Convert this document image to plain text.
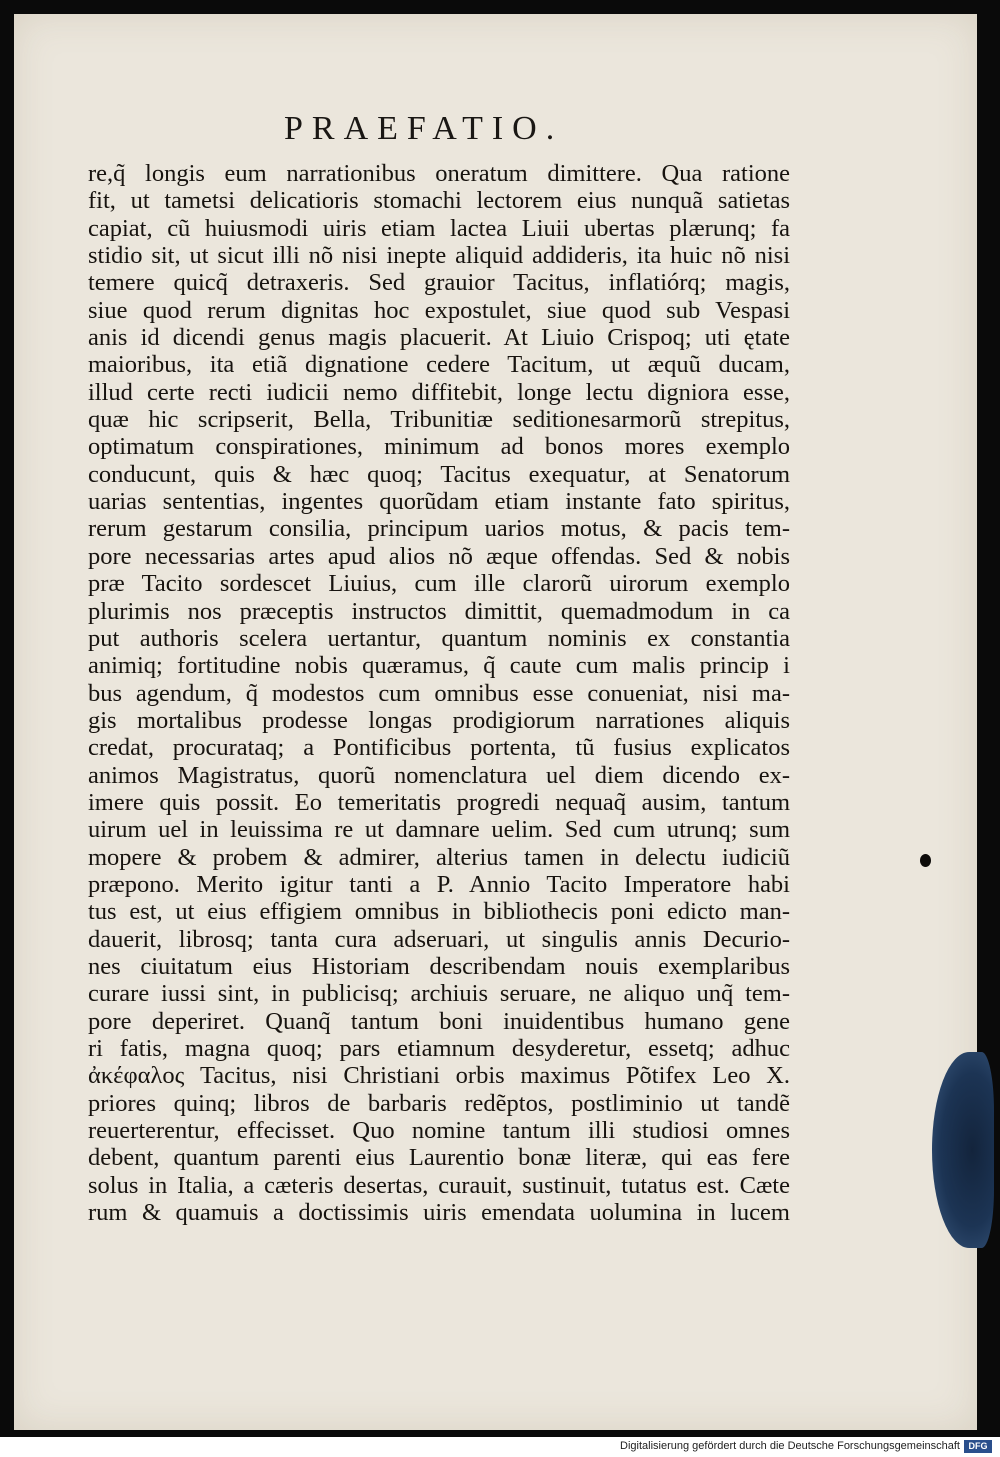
PRAEFATIO.
re,q̃ longis eum narrationibus oneratum dimittere. Qua ratione
fit, ut tametsi delicatioris stomachi lectorem eius nunquã satietas
capiat, cũ huiusmodi uiris etiam lactea Liuii ubertas plærunq; fa
stidio sit, ut sicut illi nõ nisi inepte aliquid addideris, ita huic nõ nisi
temere quicq̃ detraxeris. Sed grauior Tacitus, inflatiórq; magis,
siue quod rerum dignitas hoc expostulet, siue quod sub Vespasi
anis id dicendi genus magis placuerit. At Liuio Crispoq; uti ętate
maioribus, ita etiã dignatione cedere Tacitum, ut æquũ ducam,
illud certe recti iudicii nemo diffitebit, longe lectu digniora esse,
quæ hic scripserit, Bella, Tribunitiæ seditionesarmorũ strepitus,
optimatum conspirationes, minimum ad bonos mores exemplo
conducunt, quis & hæc quoq; Tacitus exequatur, at Senatorum
uarias sententias, ingentes quorũdam etiam instante fato spiritus,
rerum gestarum consilia, principum uarios motus, & pacis tem-
pore necessarias artes apud alios nõ æque offendas. Sed & nobis
præ Tacito sordescet Liuius, cum ille clarorũ uirorum exemplo
plurimis nos præceptis instructos dimittit, quemadmodum in ca
put authoris scelera uertantur, quantum nominis ex constantia
animiq; fortitudine nobis quæramus, q̃ caute cum malis princip i
bus agendum, q̃ modestos cum omnibus esse conueniat, nisi ma-
gis mortalibus prodesse longas prodigiorum narrationes aliquis
credat, procurataq; a Pontificibus portenta, tũ fusius explicatos
animos Magistratus, quorũ nomenclatura uel diem dicendo ex-
imere quis possit. Eo temeritatis progredi nequaq̃ ausim, tantum
uirum uel in leuissima re ut damnare uelim. Sed cum utrunq; sum
mopere & probem & admirer, alterius tamen in delectu iudiciũ
præpono. Merito igitur tanti a P. Annio Tacito Imperatore habi
tus est, ut eius effigiem omnibus in bibliothecis poni edicto man-
dauerit, librosq; tanta cura adseruari, ut singulis annis Decurio-
nes ciuitatum eius Historiam describendam nouis exemplaribus
curare iussi sint, in publicisq; archiuis seruare, ne aliquo unq̃ tem-
pore deperiret. Quanq̃ tantum boni inuidentibus humano gene
ri fatis, magna quoq; pars etiamnum desyderetur, essetq; adhuc
ἀκέφαλος Tacitus, nisi Christiani orbis maximus Põtifex Leo X.
priores quinq; libros de barbaris redẽptos, postliminio ut tandẽ
reuerterentur, effecisset. Quo nomine tantum illi studiosi omnes
debent, quantum parenti eius Laurentio bonæ literæ, qui eas fere
solus in Italia, a cæteris desertas, curauit, sustinuit, tutatus est. Cæte
rum & quamuis a doctissimis uiris emendata uolumina in lucem
Digitalisierung gefördert durch die Deutsche Forschungsgemeinschaft DFG
